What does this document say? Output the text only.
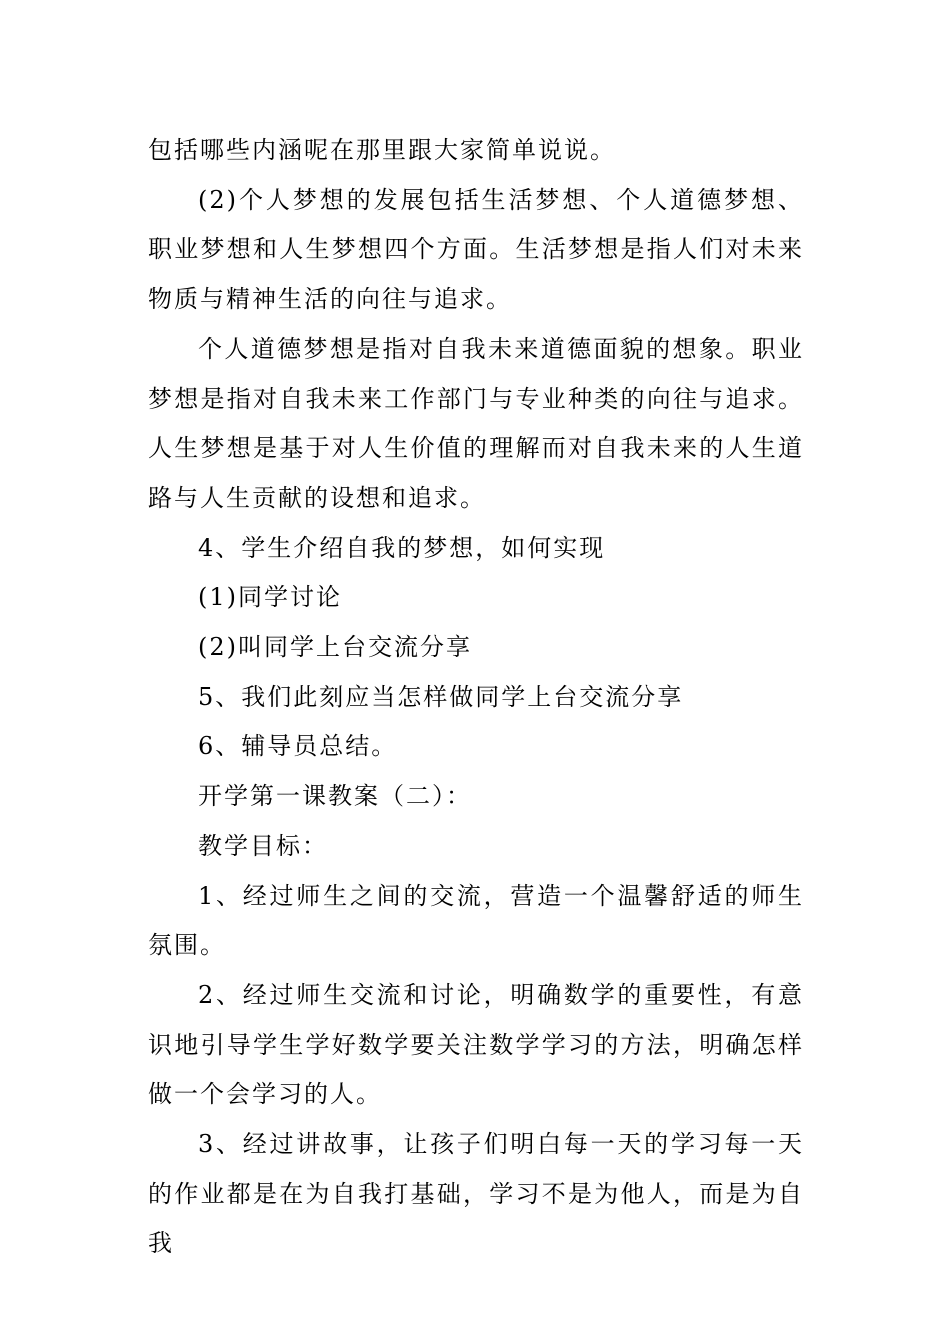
包括哪些内涵呢在那里跟大家简单说说。

(2)个人梦想的发展包括生活梦想、个人道德梦想、职业梦想和人生梦想四个方面。生活梦想是指人们对未来物质与精神生活的向往与追求。

个人道德梦想是指对自我未来道德面貌的想象。职业梦想是指对自我未来工作部门与专业种类的向往与追求。人生梦想是基于对人生价值的理解而对自我未来的人生道路与人生贡献的设想和追求。

4、学生介绍自我的梦想，如何实现

(1)同学讨论

(2)叫同学上台交流分享

5、我们此刻应当怎样做同学上台交流分享

6、辅导员总结。

开学第一课教案（二）：

教学目标：

1、经过师生之间的交流，营造一个温馨舒适的师生氛围。

2、经过师生交流和讨论，明确数学的重要性，有意识地引导学生学好数学要关注数学学习的方法，明确怎样做一个会学习的人。

3、经过讲故事，让孩子们明白每一天的学习每一天的作业都是在为自我打基础，学习不是为他人，而是为自我
